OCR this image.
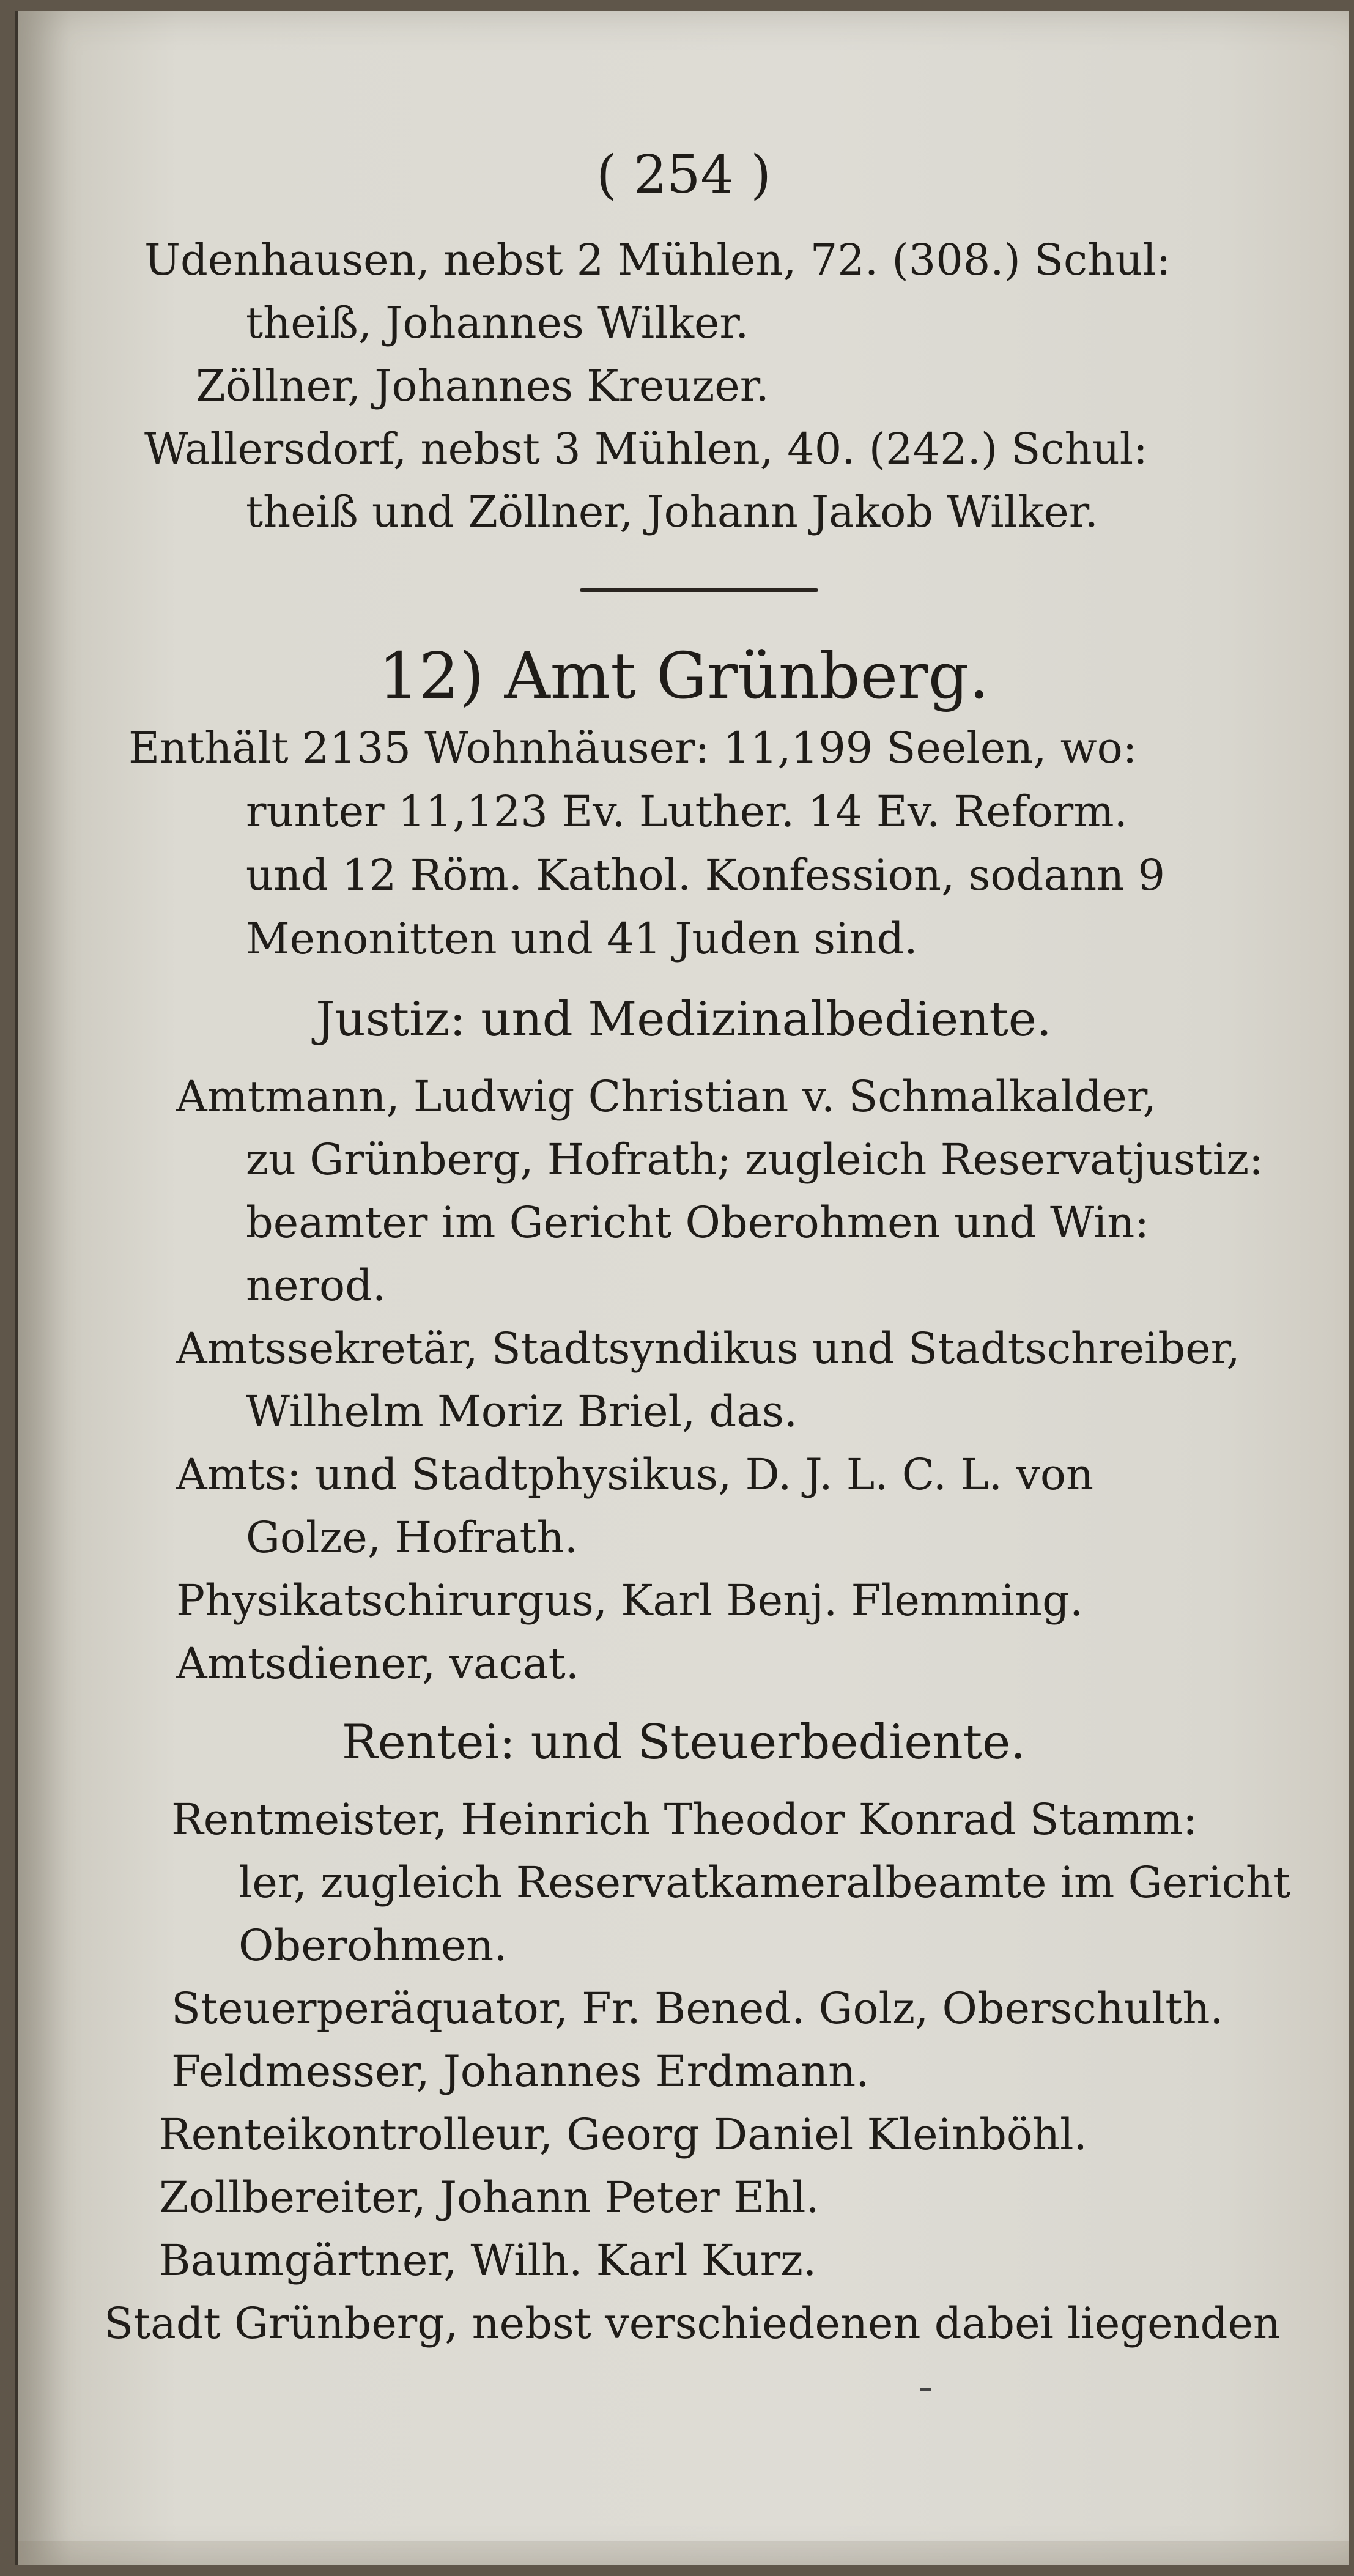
( 254 )
Udenhausen, nebst 2 Mühlen, 72. (308.) Schul:
theiß, Johannes Wilker.
Zöllner, Johannes Kreuzer.
Wallersdorf, nebst 3 Mühlen, 40. (242.) Schul:
theiß und Zöllner, Johann Jakob Wilker.
12) Amt Grünberg.
Enthält 2135 Wohnhäuser: 11,199 Seelen, wo:
runter 11,123 Ev. Luther. 14 Ev. Reform.
und 12 Röm. Kathol. Konfession, sodann 9
Menonitten und 41 Juden sind.
Justiz: und Medizinalbediente.
Amtmann, Ludwig Christian v. Schmalkalder,
zu Grünberg, Hofrath; zugleich Reservatjustiz:
beamter im Gericht Oberohmen und Win:
nerod.
Amtssekretär, Stadtsyndikus und Stadtschreiber,
Wilhelm Moriz Briel, das.
Amts: und Stadtphysikus, D. J. L. C. L. von
Golze, Hofrath.
Physikatschirurgus, Karl Benj. Flemming.
Amtsdiener, vacat.
Rentei: und Steuerbediente.
Rentmeister, Heinrich Theodor Konrad Stamm:
ler, zugleich Reservatkameralbeamte im Gericht
Oberohmen.
Steuerperäquator, Fr. Bened. Golz, Oberschulth.
Feldmesser, Johannes Erdmann.
Renteikontrolleur, Georg Daniel Kleinböhl.
Zollbereiter, Johann Peter Ehl.
Baumgärtner, Wilh. Karl Kurz.
Stadt Grünberg, nebst verschiedenen dabei liegenden
